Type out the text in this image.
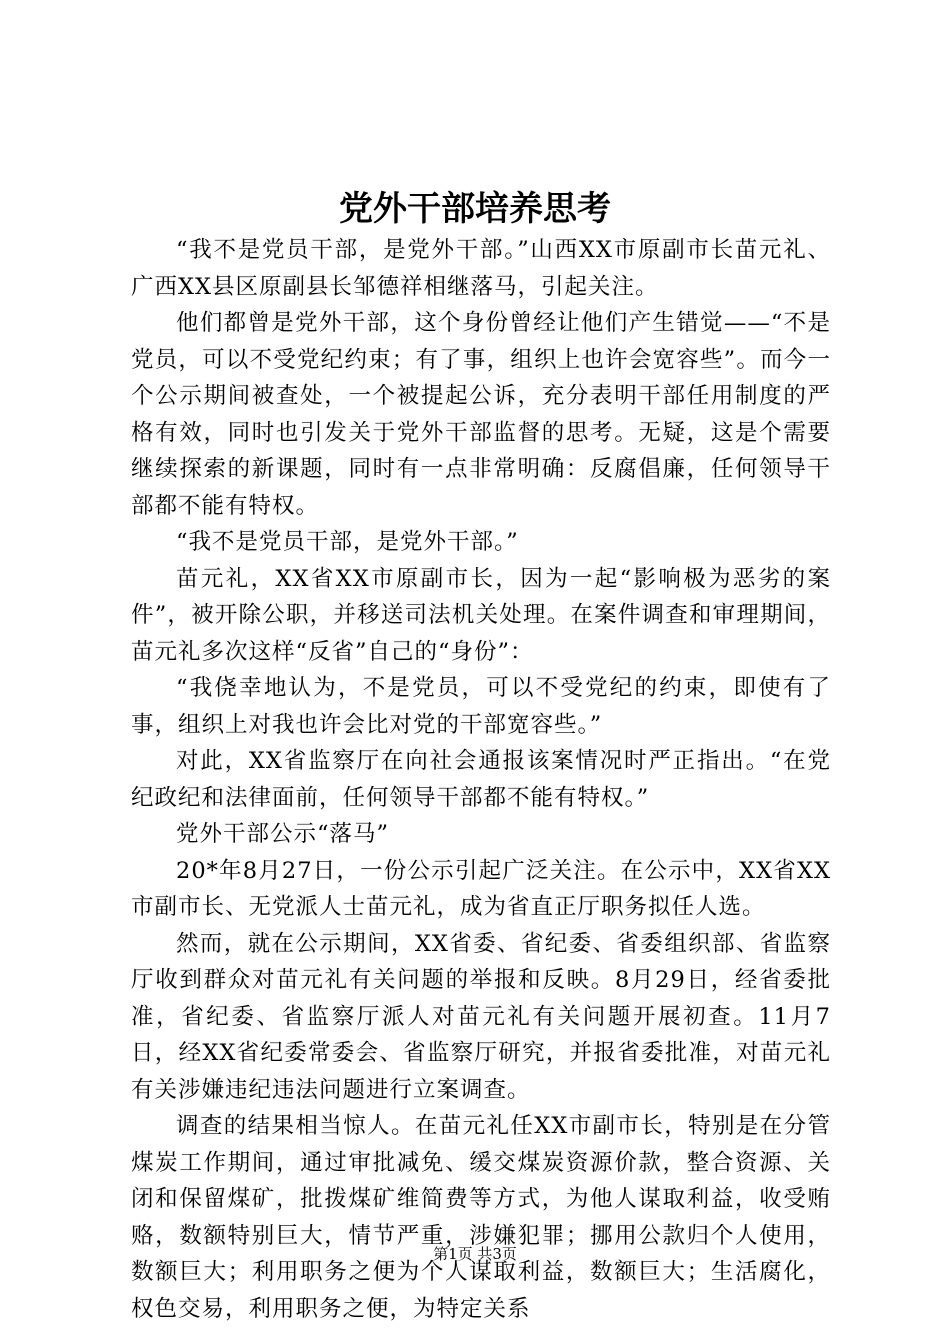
党外干部培养思考

“我不是党员干部，是党外干部。”山西XX市原副市长苗元礼、广西XX县区原副县长邹德祥相继落马，引起关注。

他们都曾是党外干部，这个身份曾经让他们产生错觉——“不是党员，可以不受党纪约束；有了事，组织上也许会宽容些”。而今一个公示期间被查处，一个被提起公诉，充分表明干部任用制度的严格有效，同时也引发关于党外干部监督的思考。无疑，这是个需要继续探索的新课题，同时有一点非常明确：反腐倡廉，任何领导干部都不能有特权。

“我不是党员干部，是党外干部。”

苗元礼，XX省XX市原副市长，因为一起“影响极为恶劣的案件”，被开除公职，并移送司法机关处理。在案件调查和审理期间，苗元礼多次这样“反省”自己的“身份”：

“我侥幸地认为，不是党员，可以不受党纪的约束，即使有了事，组织上对我也许会比对党的干部宽容些。”

对此，XX省监察厅在向社会通报该案情况时严正指出。“在党纪政纪和法律面前，任何领导干部都不能有特权。”

党外干部公示“落马”

20*年8月27日，一份公示引起广泛关注。在公示中，XX省XX市副市长、无党派人士苗元礼，成为省直正厅职务拟任人选。

然而，就在公示期间，XX省委、省纪委、省委组织部、省监察厅收到群众对苗元礼有关问题的举报和反映。8月29日，经省委批准，省纪委、省监察厅派人对苗元礼有关问题开展初查。11月7日，经XX省纪委常委会、省监察厅研究，并报省委批准，对苗元礼有关涉嫌违纪违法问题进行立案调查。

调查的结果相当惊人。在苗元礼任XX市副市长，特别是在分管煤炭工作期间，通过审批减免、缓交煤炭资源价款，整合资源、关闭和保留煤矿，批拨煤矿维简费等方式，为他人谋取利益，收受贿赂，数额特别巨大，情节严重，涉嫌犯罪；挪用公款归个人使用，数额巨大；利用职务之便为个人谋取利益，数额巨大；生活腐化，权色交易，利用职务之便，为特定关系

第1页 共3页
